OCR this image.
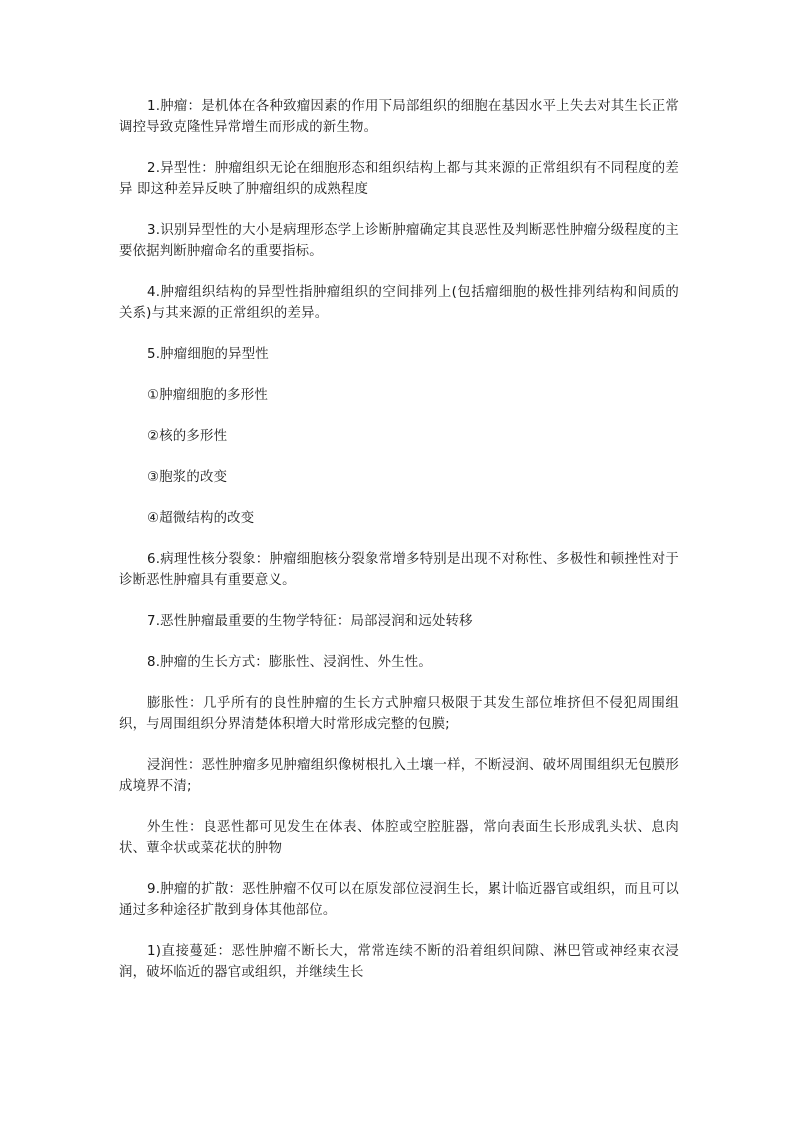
1.肿瘤：是机体在各种致瘤因素的作用下局部组织的细胞在基因水平上失去对其生长正常调控导致克隆性异常增生而形成的新生物。

2.异型性：肿瘤组织无论在细胞形态和组织结构上都与其来源的正常组织有不同程度的差异 即这种差异反映了肿瘤组织的成熟程度

3.识别异型性的大小是病理形态学上诊断肿瘤确定其良恶性及判断恶性肿瘤分级程度的主要依据判断肿瘤命名的重要指标。

4.肿瘤组织结构的异型性指肿瘤组织的空间排列上(包括瘤细胞的极性排列结构和间质的关系)与其来源的正常组织的差异。

5.肿瘤细胞的异型性

①肿瘤细胞的多形性

②核的多形性

③胞浆的改变

④超微结构的改变

6.病理性核分裂象：肿瘤细胞核分裂象常增多特别是出现不对称性、多极性和顿挫性对于诊断恶性肿瘤具有重要意义。

7.恶性肿瘤最重要的生物学特征：局部浸润和远处转移

8.肿瘤的生长方式：膨胀性、浸润性、外生性。

膨胀性：几乎所有的良性肿瘤的生长方式肿瘤只极限于其发生部位堆挤但不侵犯周围组织，与周围组织分界清楚体积增大时常形成完整的包膜;

浸润性：恶性肿瘤多见肿瘤组织像树根扎入土壤一样，不断浸润、破坏周围组织无包膜形成境界不清;

外生性：良恶性都可见发生在体表、体腔或空腔脏器，常向表面生长形成乳头状、息肉状、蕈伞状或菜花状的肿物

9.肿瘤的扩散：恶性肿瘤不仅可以在原发部位浸润生长，累计临近器官或组织，而且可以通过多种途径扩散到身体其他部位。

1)直接蔓延：恶性肿瘤不断长大，常常连续不断的沿着组织间隙、淋巴管或神经束衣浸润，破坏临近的器官或组织，并继续生长
